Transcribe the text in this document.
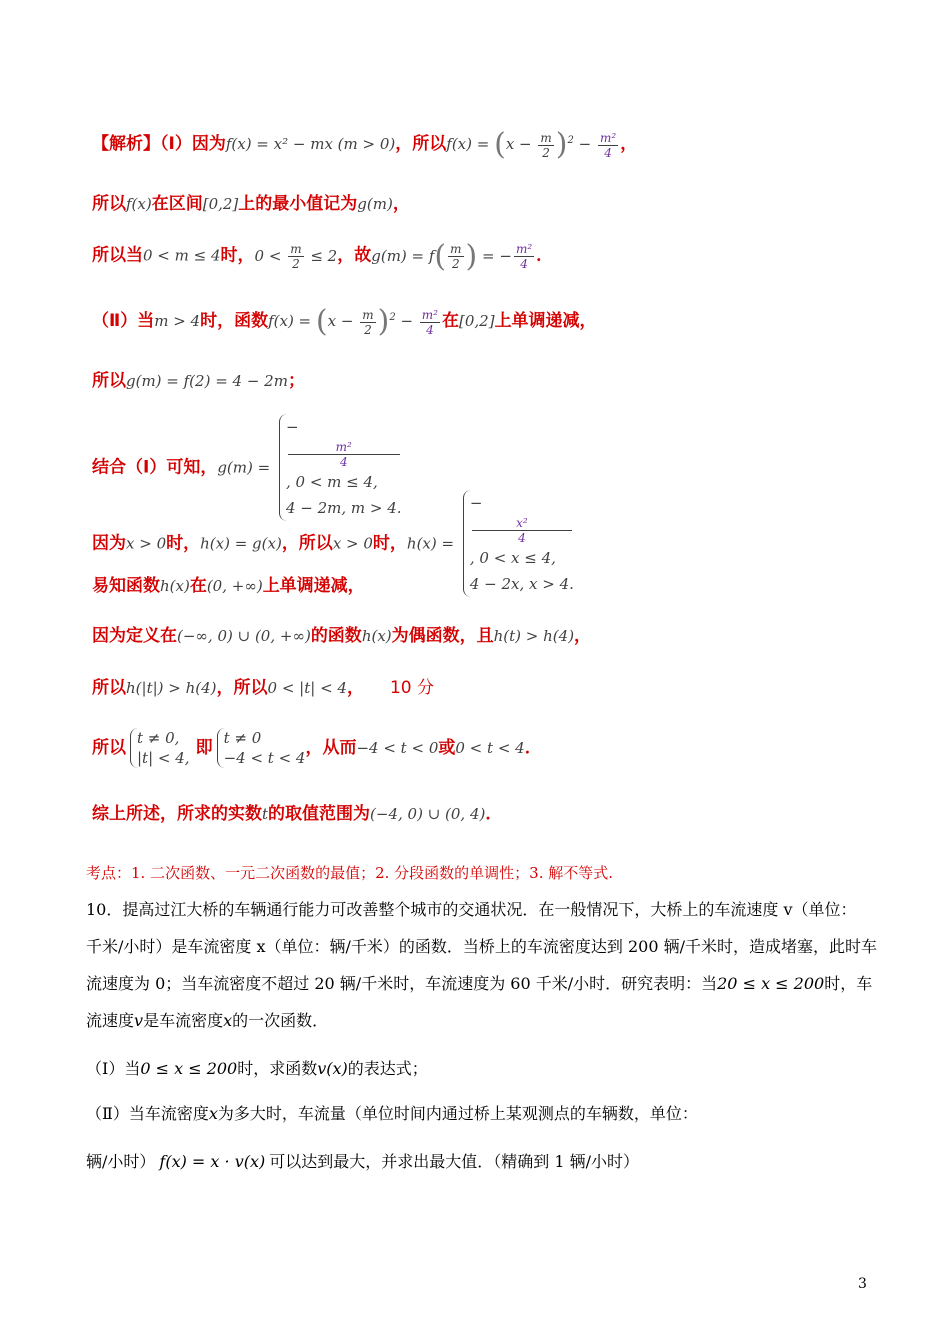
【解析】（Ⅰ）因为f(x) = x² − mx (m > 0)，所以$f(x) = (x - \frac{m}{2} )^2 - \frac{\text{m²}}{4}$ ，
所以f(x)在区间[0,2]上的最小值记为g(m)，
所以当0 < m ≤ 4时，$0 < \frac{m}{2} \le 2$，故$g(m) = f( \frac{m}{2}$ ) = − $\frac{\text{m²}}{4}$ ．
（Ⅱ）当m > 4时，函数$f(x) = (x - \frac{m}{2} )^2 - \frac{\text{m²}}{4}$ 在[0,2]上单调递减，
所以g(m) = f(2) = 4 − 2m；
结合（Ⅰ）可知，g(m) =
−
m²
4
, 0 < m ≤ 4,
4 − 2m, m > 4.
因为x > 0时，h(x) = g(x)，所以x > 0时，h(x) =
−
x²
4
, 0 < x ≤ 4,
4 − 2x, x > 4.
易知函数h(x)在(0, +∞)上单调递减，
因为定义在(−∞, 0) ∪ (0, +∞)的函数h(x)为偶函数，且h(t) > h(4)，
所以h(|t|) > h(4)，所以0 < |t| < 4， 10 分
所以 t ≠ 0,
|t| < 4, 即 t ≠ 0
−4 < t < 4 ，从而−4 < t < 0或0 < t < 4．
综上所述，所求的实数t的取值范围为(−4, 0) ∪ (0, 4)．
考点：1. 二次函数、一元二次函数的最值；2. 分段函数的单调性；3. 解不等式.
10．提高过江大桥的车辆通行能力可改善整个城市的交通状况．在一般情况下，大桥上的车流速度 v（单位：
千米/小时）是车流密度 x（单位：辆/千米）的函数．当桥上的车流密度达到 200 辆/千米时，造成堵塞，此时车
流速度为 0；当车流密度不超过 20 辆/千米时，车流速度为 60 千米/小时．研究表明：当20 ≤ x ≤ 200时，车
流速度v是车流密度x的一次函数．
（Ⅰ）当0 ≤ x ≤ 200时，求函数v(x)的表达式；
（Ⅱ）当车流密度x为多大时，车流量（单位时间内通过桥上某观测点的车辆数，单位：
辆/小时） f(x) = x · v(x) 可以达到最大，并求出最大值．（精确到 1 辆/小时）
3
